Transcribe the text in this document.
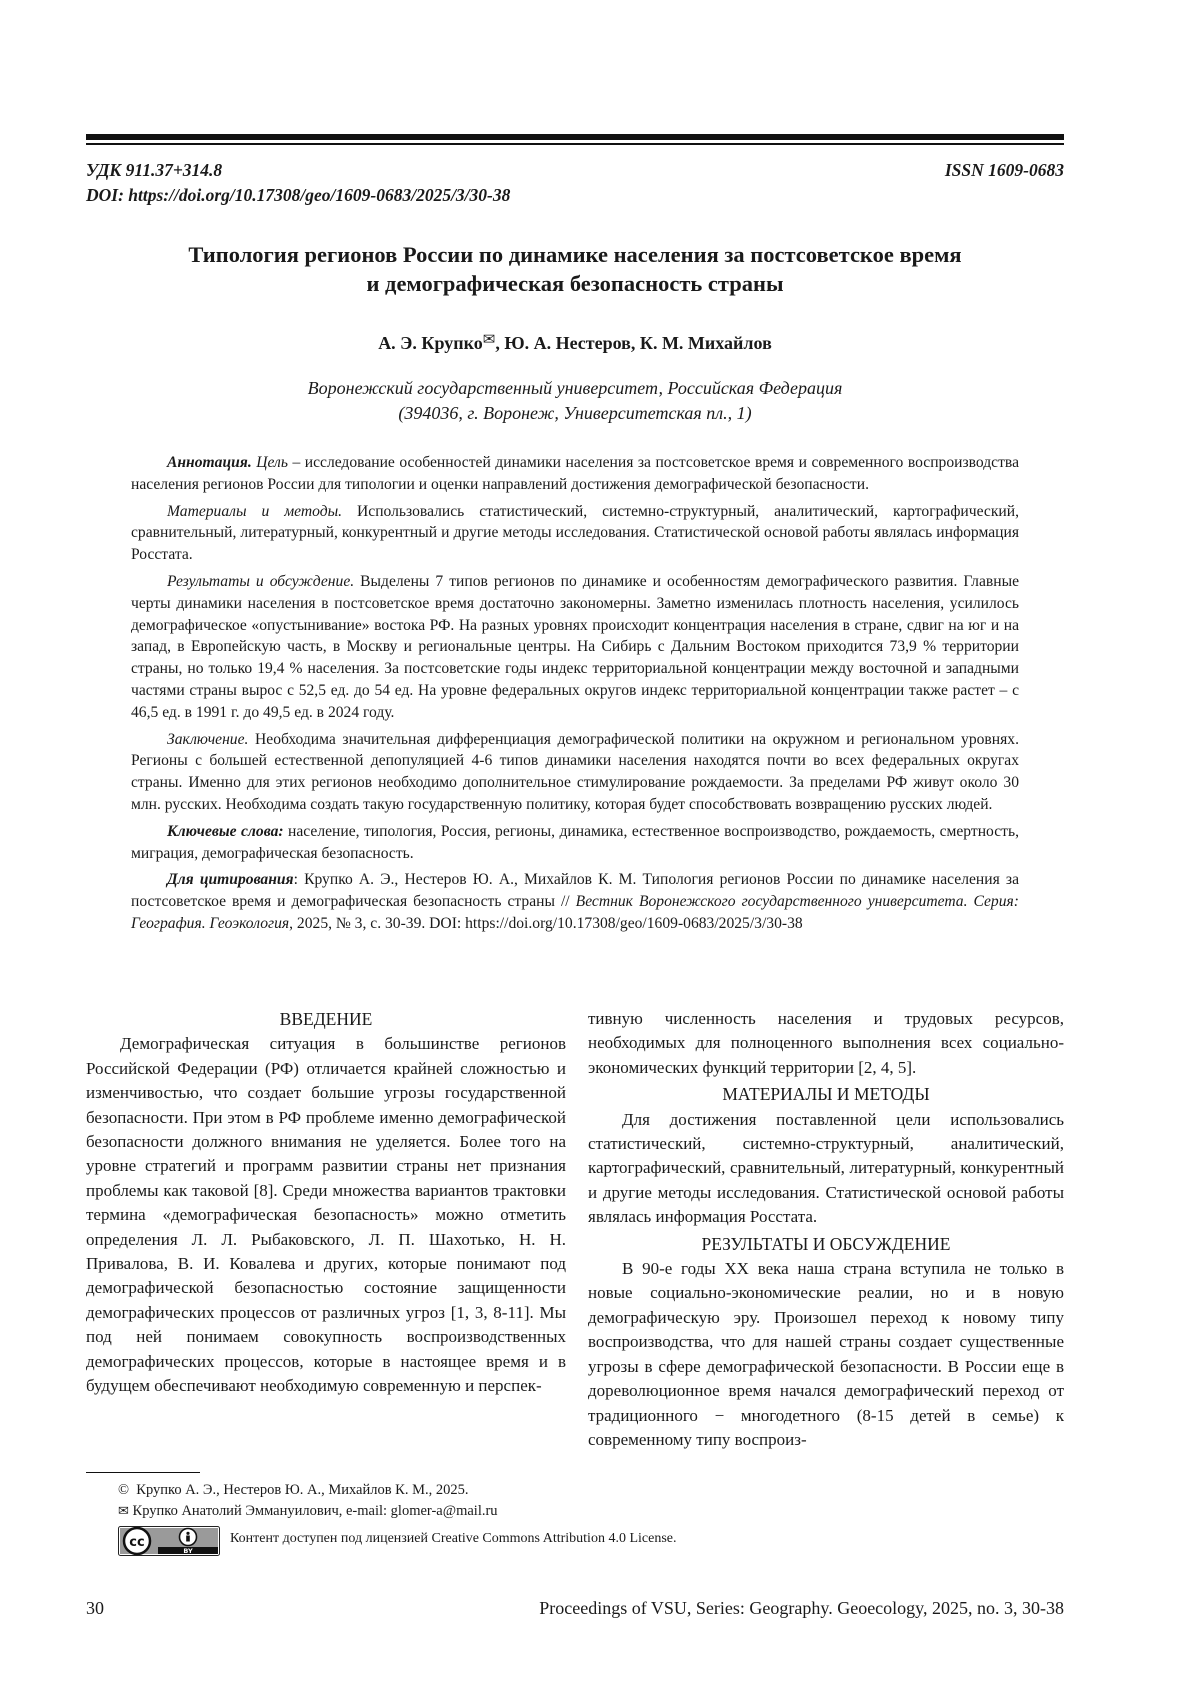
УДК 911.37+314.8
DOI: https://doi.org/10.17308/geo/1609-0683/2025/3/30-38
ISSN 1609-0683
Типология регионов России по динамике населения за постсоветское время
и демографическая безопасность страны
А. Э. Крупко✉, Ю. А. Нестеров, К. М. Михайлов
Воронежский государственный университет, Российская Федерация
(394036, г. Воронеж, Университетская пл., 1)

Аннотация. Цель – исследование особенностей динамики населения за постсоветское время и современного воспроизводства населения регионов России для типологии и оценки направлений достижения демографической безопасности.

Материалы и методы. Использовались статистический, системно-структурный, аналитический, картографический, сравнительный, литературный, конкурентный и другие методы исследования. Статистической основой работы являлась информация Росстата.

Результаты и обсуждение. Выделены 7 типов регионов по динамике и особенностям демографического развития. Главные черты динамики населения в постсоветское время достаточно закономерны. Заметно изменилась плотность населения, усилилось демографическое «опустынивание» востока РФ. На разных уровнях происходит концентрация населения в стране, сдвиг на юг и на запад, в Европейскую часть, в Москву и региональные центры. На Сибирь с Дальним Востоком приходится 73,9 % территории страны, но только 19,4 % населения. За постсоветские годы индекс территориальной концентрации между восточной и западными частями страны вырос с 52,5 ед. до 54 ед. На уровне федеральных округов индекс территориальной концентрации также растет – с 46,5 ед. в 1991 г. до 49,5 ед. в 2024 году.

Заключение. Необходима значительная дифференциация демографической политики на окружном и региональном уровнях. Регионы с большей естественной депопуляцией 4-6 типов динамики населения находятся почти во всех федеральных округах страны. Именно для этих регионов необходимо дополнительное стимулирование рождаемости. За пределами РФ живут около 30 млн. русских. Необходима создать такую государственную политику, которая будет способствовать возвращению русских людей.

Ключевые слова: население, типология, Россия, регионы, динамика, естественное воспроизводство, рождаемость, смертность, миграция, демографическая безопасность.

Для цитирования: Крупко А. Э., Нестеров Ю. А., Михайлов К. М. Типология регионов России по динамике населения за постсоветское время и демографическая безопасность страны // Вестник Воронежского государственного университета. Серия: География. Геоэкология, 2025, № 3, с. 30-39. DOI: https://doi.org/10.17308/geo/1609-0683/2025/3/30-38

ВВЕДЕНИЕ

Демографическая ситуация в большинстве регионов Российской Федерации (РФ) отличается крайней сложностью и изменчивостью, что создает большие угрозы государственной безопасности. При этом в РФ проблеме именно демографической безопасности должного внимания не уделяется. Более того на уровне стратегий и программ развитии страны нет признания проблемы как таковой [8]. Среди множества вариантов трактовки термина «демографическая безопасность» можно отметить определения Л. Л. Рыбаковского, Л. П. Шахотько, Н. Н. Привалова, В. И. Ковалева и других, которые понимают под демографической безопасностью состояние защищенности демографических процессов от различных угроз [1, 3, 8-11]. Мы под ней понимаем совокупность воспроизводственных демографических процессов, которые в настоящее время и в будущем обеспечивают необходимую современную и перспек-

тивную численность населения и трудовых ресурсов, необходимых для полноценного выполнения всех социально-экономических функций территории [2, 4, 5].

МАТЕРИАЛЫ И МЕТОДЫ

Для достижения поставленной цели использовались статистический, системно-структурный, аналитический, картографический, сравнительный, литературный, конкурентный и другие методы исследования. Статистической основой работы являлась информация Росстата.

РЕЗУЛЬТАТЫ И ОБСУЖДЕНИЕ

В 90-е годы XX века наша страна вступила не только в новые социально-экономические реалии, но и в новую демографическую эру. Произошел переход к новому типу воспроизводства, что для нашей страны создает существенные угрозы в сфере демографической безопасности. В России еще в дореволюционное время начался демографический переход от традиционного − многодетного (8-15 детей в семье) к современному типу воспроиз-

© Крупко А. Э., Нестеров Ю. А., Михайлов К. М., 2025.
✉ Крупко Анатолий Эммануилович, e-mail: glomer-a@mail.ru
cc
BY
Контент доступен под лицензией Creative Commons Attribution 4.0 License.
30	Proceedings of VSU, Series: Geography. Geoecology, 2025, no. 3, 30-38
